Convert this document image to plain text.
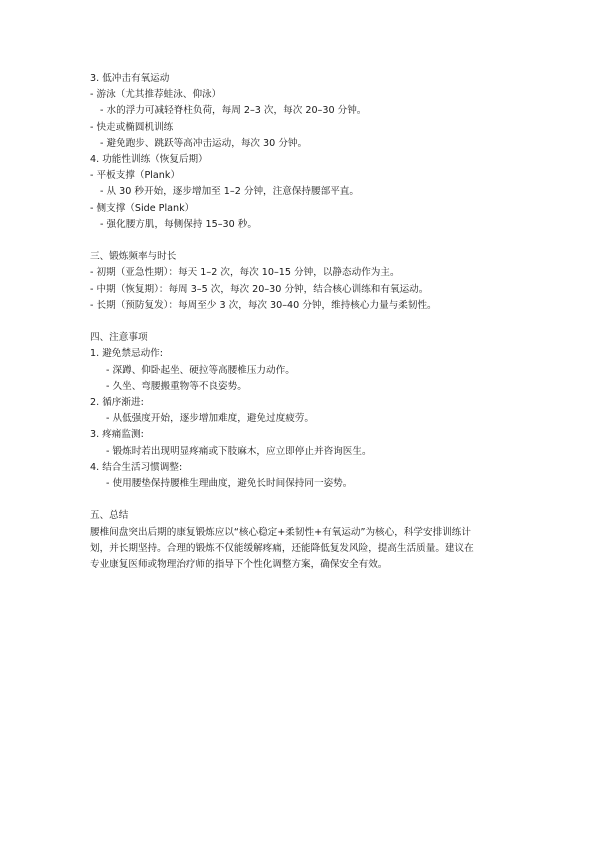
3. 低冲击有氧运动
- 游泳（尤其推荐蛙泳、仰泳）
- 水的浮力可减轻脊柱负荷，每周 2–3 次，每次 20–30 分钟。
- 快走或椭圆机训练
- 避免跑步、跳跃等高冲击运动，每次 30 分钟。
4. 功能性训练（恢复后期）
- 平板支撑（Plank）
- 从 30 秒开始，逐步增加至 1–2 分钟，注意保持腰部平直。
- 侧支撑（Side Plank）
- 强化腰方肌，每侧保持 15–30 秒。
三、锻炼频率与时长
- 初期（亚急性期）：每天 1–2 次，每次 10–15 分钟，以静态动作为主。
- 中期（恢复期）：每周 3–5 次，每次 20–30 分钟，结合核心训练和有氧运动。
- 长期（预防复发）：每周至少 3 次，每次 30–40 分钟，维持核心力量与柔韧性。
四、注意事项
1. 避免禁忌动作:
- 深蹲、仰卧起坐、硬拉等高腰椎压力动作。
- 久坐、弯腰搬重物等不良姿势。
2. 循序渐进:
- 从低强度开始，逐步增加难度，避免过度疲劳。
3. 疼痛监测:
- 锻炼时若出现明显疼痛或下肢麻木，应立即停止并咨询医生。
4. 结合生活习惯调整:
- 使用腰垫保持腰椎生理曲度，避免长时间保持同一姿势。
五、总结
腰椎间盘突出后期的康复锻炼应以“核心稳定+柔韧性+有氧运动”为核心，科学安排训练计
划，并长期坚持。合理的锻炼不仅能缓解疼痛，还能降低复发风险，提高生活质量。建议在
专业康复医师或物理治疗师的指导下个性化调整方案，确保安全有效。
